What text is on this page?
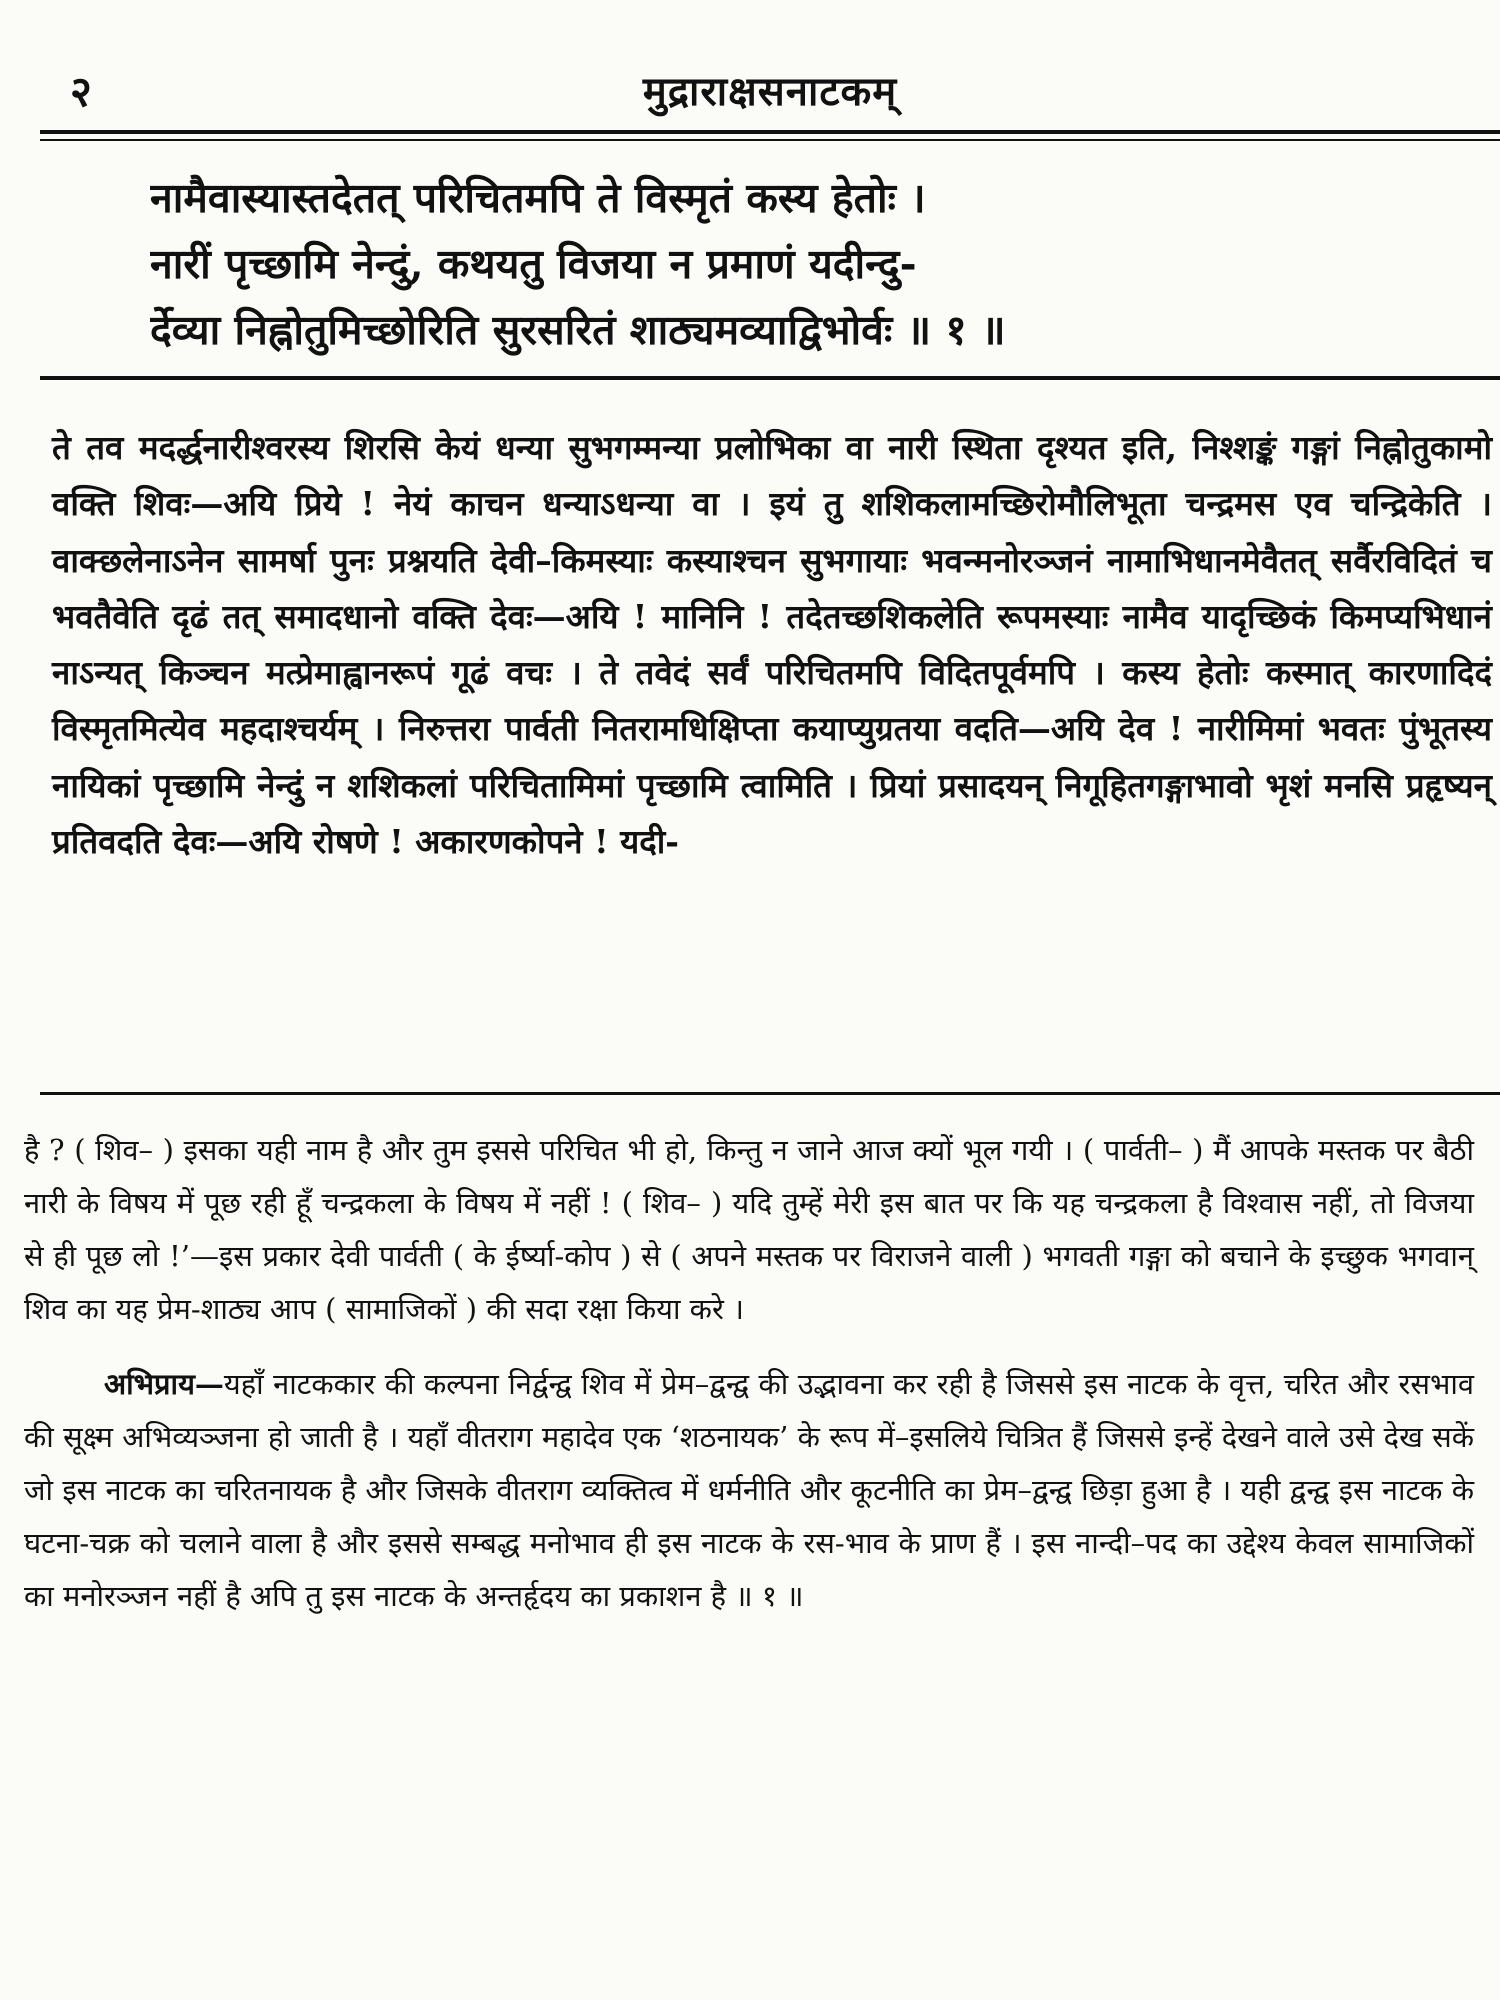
२	मुद्राराक्षसनाटकम्
नामैवास्यास्तदेतत् परिचितमपि ते विस्मृतं कस्य हेतोः ।
नारीं पृच्छामि नेन्दुं, कथयतु विजया न प्रमाणं यदीन्दु-
र्देव्या निह्नोतुमिच्छोरिति सुरसरितं शाठ्यमव्याद्विभोर्वः ॥ १ ॥

ते तव मदर्द्धनारीश्वरस्य शिरसि केयं धन्या सुभगम्मन्या प्रलोभिका वा नारी स्थिता दृश्यत इति, निश्शङ्कं गङ्गां निह्नोतुकामो वक्ति शिवः—अयि प्रिये ! नेयं काचन धन्याऽधन्या वा । इयं तु शशिकलामच्छिरोमौलिभूता चन्द्रमस एव चन्द्रिकेति । वाक्छलेनाऽनेन सामर्षा पुनः प्रश्नयति देवी–किमस्याः कस्याश्चन सुभगायाः भवन्मनोरञ्जनं नामाभिधानमेवैतत् सर्वैरविदितं च भवतैवेति दृढं तत् समादधानो वक्ति देवः—अयि ! मानिनि ! तदेतच्छशिकलेति रूपमस्याः नामैव यादृच्छिकं किमप्यभिधानं नाऽन्यत् किञ्चन मत्प्रेमाह्वानरूपं गूढं वचः । ते तवेदं सर्वं परिचितमपि विदितपूर्वमपि । कस्य हेतोः कस्मात् कारणादिदं विस्मृतमित्येव महदाश्चर्यम् । निरुत्तरा पार्वती नितरामधिक्षिप्ता कयाप्युग्रतया वदति—अयि देव ! नारीमिमां भवतः पुंभूतस्य नायिकां पृच्छामि नेन्दुं न शशिकलां परिचितामिमां पृच्छामि त्वामिति । प्रियां प्रसादयन् निगूहितगङ्गाभावो भृशं मनसि प्रहृष्यन् प्रतिवदति देवः—अयि रोषणे ! अकारणकोपने ! यदी-

है ? ( शिव– ) इसका यही नाम है और तुम इससे परिचित भी हो, किन्तु न जाने आज क्यों भूल गयी । ( पार्वती– ) मैं आपके मस्तक पर बैठी नारी के विषय में पूछ रही हूँ चन्द्रकला के विषय में नहीं ! ( शिव– ) यदि तुम्हें मेरी इस बात पर कि यह चन्द्रकला है विश्वास नहीं, तो विजया से ही पूछ लो !’—इस प्रकार देवी पार्वती ( के ईर्ष्या-कोप ) से ( अपने मस्तक पर विराजने वाली ) भगवती गङ्गा को बचाने के इच्छुक भगवान् शिव का यह प्रेम-शाठ्य आप ( सामाजिकों ) की सदा रक्षा किया करे ।

अभिप्राय—यहाँ नाटककार की कल्पना निर्द्वन्द्व शिव में प्रेम–द्वन्द्व की उद्भावना कर रही है जिससे इस नाटक के वृत्त, चरित और रसभाव की सूक्ष्म अभिव्यञ्जना हो जाती है । यहाँ वीतराग महादेव एक ‘शठनायक’ के रूप में–इसलिये चित्रित हैं जिससे इन्हें देखने वाले उसे देख सकें जो इस नाटक का चरितनायक है और जिसके वीतराग व्यक्तित्व में धर्मनीति और कूटनीति का प्रेम–द्वन्द्व छिड़ा हुआ है । यही द्वन्द्व इस नाटक के घटना-चक्र को चलाने वाला है और इससे सम्बद्ध मनोभाव ही इस नाटक के रस-भाव के प्राण हैं । इस नान्दी–पद का उद्देश्य केवल सामाजिकों का मनोरञ्जन नहीं है अपि तु इस नाटक के अन्तर्हृदय का प्रकाशन है ॥ १ ॥
